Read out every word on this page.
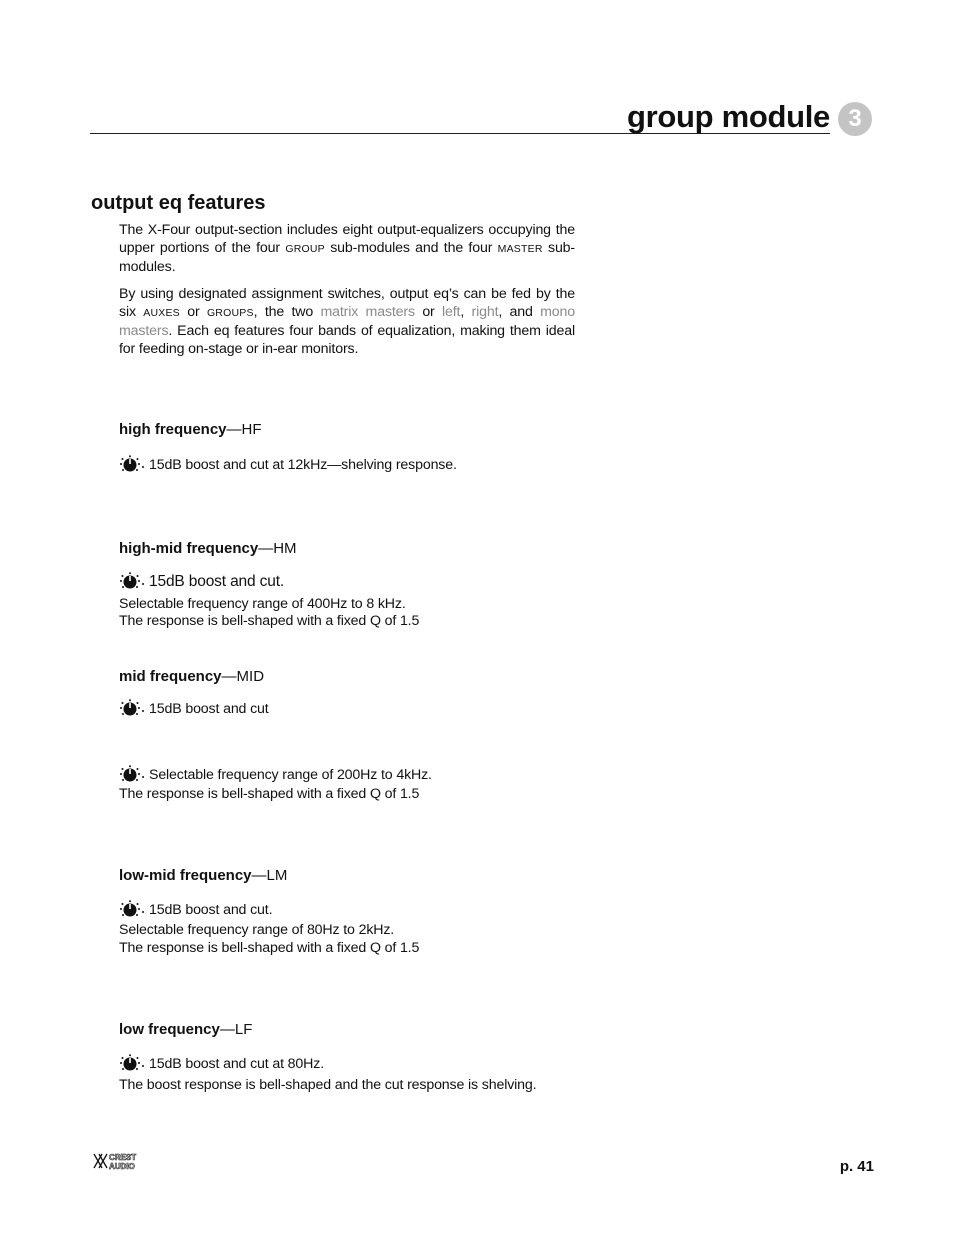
group module 3
output eq features

The X-Four output-section includes eight output-equalizers occupying the upper portions of the four GROUP sub-modules and the four MASTER sub-modules.

By using designated assignment switches, output eq’s can be fed by the six AUXES or GROUPS, the two matrix masters or left, right, and mono masters. Each eq features four bands of equalization, making them ideal for feeding on-stage or in-ear monitors.

high frequency—HF
15dB boost and cut at 12kHz—shelving response.
high-mid frequency—HM
15dB boost and cut.
Selectable frequency range of 400Hz to 8 kHz.
The response is bell-shaped with a fixed Q of 1.5
mid frequency—MID
15dB boost and cut
Selectable frequency range of 200Hz to 4kHz.
The response is bell-shaped with a fixed Q of 1.5
low-mid frequency—LM
15dB boost and cut.
Selectable frequency range of 80Hz to 2kHz.
The response is bell-shaped with a fixed Q of 1.5
low frequency—LF
15dB boost and cut at 80Hz.
The boost response is bell-shaped and the cut response is shelving.
CREST
AUDIO	p. 41
